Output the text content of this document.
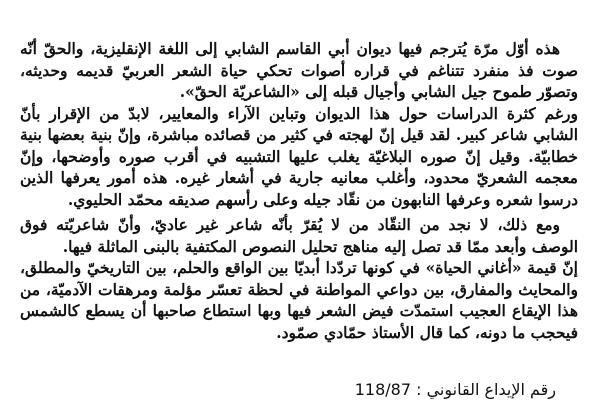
هذه أوّل مرّة يُترجم فيها ديوان أبي القاسم الشابي إلى اللغة الإنقليزية، والحقّ أنّه صوت فذ منفرد تتناغم في قراره أصوات تحكي حياة الشعر العربيّ قديمه وحديثه، وتصوّر طموح جيل الشابي وأجيال قبله إلى «الشاعريّة الحقّ».

ورغم كثرة الدراسات حول هذا الديوان وتباين الآراء والمعايير، لابدّ من الإقرار بأنّ الشابي شاعر كبير. لقد قيل إنّ لهجته في كثير من قصائده مباشرة، وإنّ بنية بعضها بنية خطابيّة. وقيل إنّ صوره البلاغيّة يغلب عليها التشبيه في أقرب صوره وأوضحها، وإنّ معجمه الشعريّ محدود، وأغلب معانيه جارية في أشعار غيره. هذه أمور يعرفها الذين درسوا شعره وعرفها النابهون من نقّاد جيله وعلى رأسهم صديقه محمّد الحليوي.

ومع ذلك، لا نجد من النقّاد من لا يُقرّ بأنّه شاعر غير عاديّ، وأنّ شاعريّته فوق الوصف وأبعد ممّا قد تصل إليه مناهج تحليل النصوص المكتفية بالبنى الماثلة فيها.

إنّ قيمة «أغاني الحياة» في كونها تردّدا أبديّا بين الواقع والحلم، بين التاريخيّ والمطلق، والمحايث والمفارق، بين دواعي المواطنة في لحظة تعسّر مؤلمة ومرهقات الآدميّة، من هذا الإيقاع العجيب استمدّت فيض الشعر فيها وبها استطاع صاحبها أن يسطع كالشمس فيحجب ما دونه، كما قال الأستاذ حمّادي صمّود.

رقم الإيداع القانوني : 118/87
